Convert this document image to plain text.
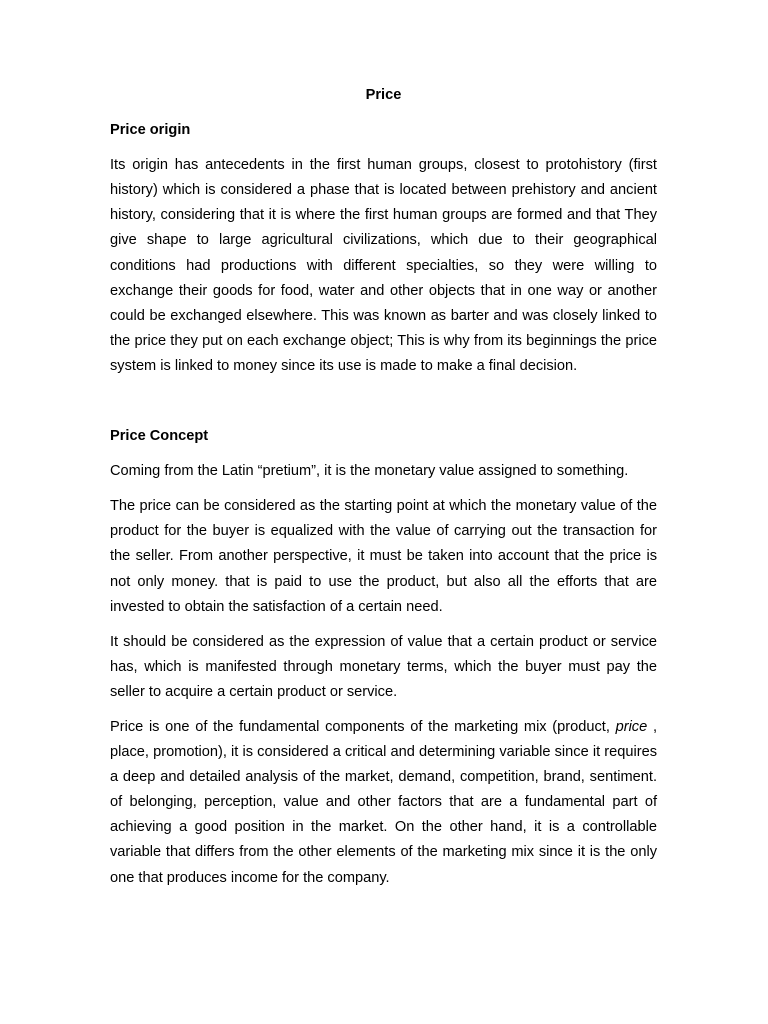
Price
Price origin

Its origin has antecedents in the first human groups, closest to protohistory (first history) which is considered a phase that is located between prehistory and ancient history, considering that it is where the first human groups are formed and that They give shape to large agricultural civilizations, which due to their geographical conditions had productions with different specialties, so they were willing to exchange their goods for food, water and other objects that in one way or another could be exchanged elsewhere. This was known as barter and was closely linked to the price they put on each exchange object; This is why from its beginnings the price system is linked to money since its use is made to make a final decision.

Price Concept

Coming from the Latin “pretium”, it is the monetary value assigned to something.

The price can be considered as the starting point at which the monetary value of the product for the buyer is equalized with the value of carrying out the transaction for the seller. From another perspective, it must be taken into account that the price is not only money. that is paid to use the product, but also all the efforts that are invested to obtain the satisfaction of a certain need.

It should be considered as the expression of value that a certain product or service has, which is manifested through monetary terms, which the buyer must pay the seller to acquire a certain product or service.

Price is one of the fundamental components of the marketing mix (product, price , place, promotion), it is considered a critical and determining variable since it requires a deep and detailed analysis of the market, demand, competition, brand, sentiment. of belonging, perception, value and other factors that are a fundamental part of achieving a good position in the market. On the other hand, it is a controllable variable that differs from the other elements of the marketing mix since it is the only one that produces income for the company.
